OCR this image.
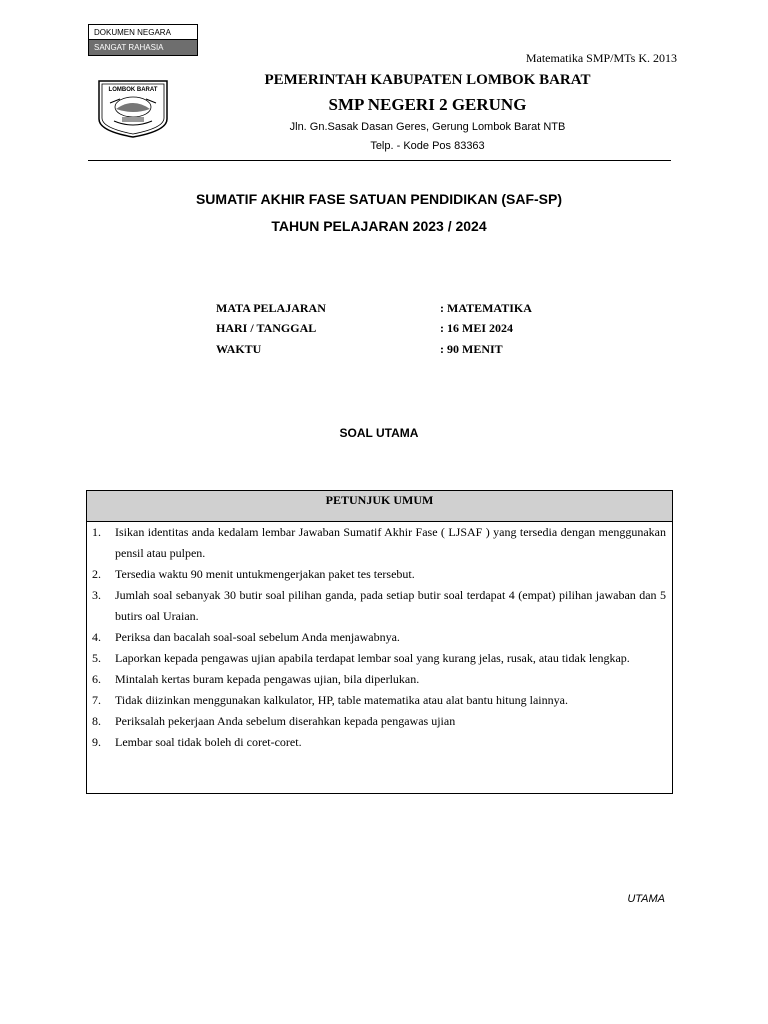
DOKUMEN NEGARA
SANGAT RAHASIA
Matematika SMP/MTs K. 2013
LOMBOK BARAT
PEMERINTAH KABUPATEN LOMBOK BARAT
SMP NEGERI 2 GERUNG
Jln. Gn.Sasak Dasan Geres, Gerung Lombok Barat NTB
Telp. - Kode Pos 83363
SUMATIF AKHIR FASE SATUAN PENDIDIKAN (SAF-SP)
TAHUN PELAJARAN 2023 / 2024
MATA PELAJARAN	: MATEMATIKA
HARI / TANGGAL	: 16 MEI 2024
WAKTU	: 90 MENIT
SOAL UTAMA
PETUNJUK UMUM
1. Isikan identitas anda kedalam lembar Jawaban Sumatif Akhir Fase ( LJSAF ) yang tersedia dengan menggunakan pensil atau pulpen.
2. Tersedia waktu 90 menit untukmengerjakan paket tes tersebut.
3. Jumlah soal sebanyak 30 butir soal pilihan ganda, pada setiap butir soal terdapat 4 (empat) pilihan jawaban dan 5 butirs oal Uraian.
4. Periksa dan bacalah soal-soal sebelum Anda menjawabnya.
5. Laporkan kepada pengawas ujian apabila terdapat lembar soal yang kurang jelas, rusak, atau tidak lengkap.
6. Mintalah kertas buram kepada pengawas ujian, bila diperlukan.
7. Tidak diizinkan menggunakan kalkulator, HP, table matematika atau alat bantu hitung lainnya.
8. Periksalah pekerjaan Anda sebelum diserahkan kepada pengawas ujian
9. Lembar soal tidak boleh di coret-coret.
UTAMA
